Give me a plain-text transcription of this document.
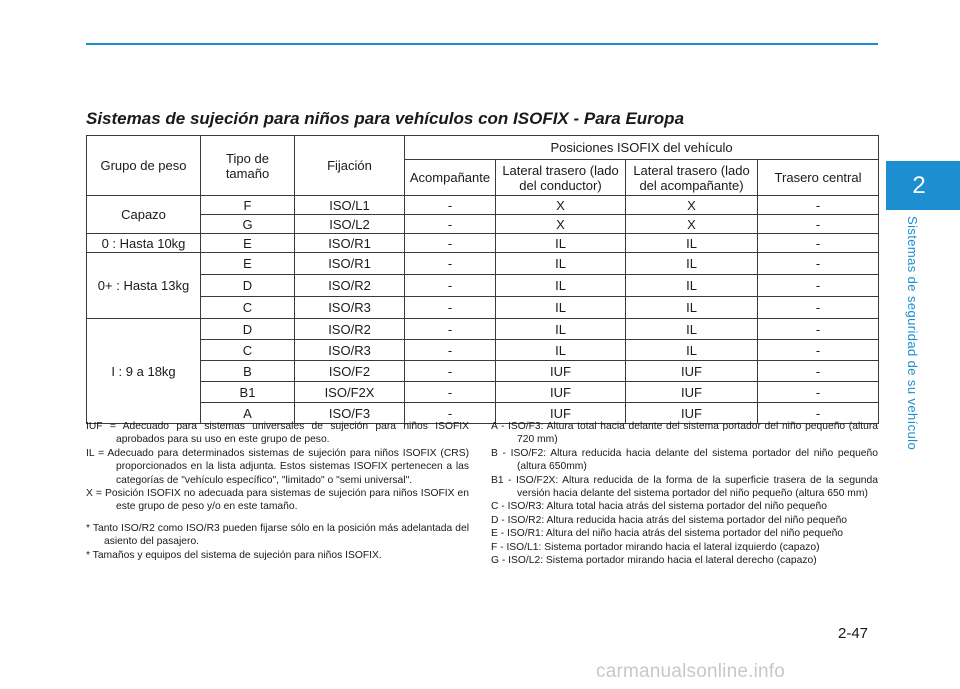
2
Sistemas de seguridad de su vehículo
Sistemas de sujeción para niños para vehículos con ISOFIX - Para Europa
Grupo de peso	Tipo de tamaño	Fijación	Posiciones ISOFIX del vehículo			
			Acompañante	Lateral trasero (lado del conductor)	Lateral trasero (lado del acompañante)	Trasero central
Capazo	F	ISO/L1	-	X	X	-
	G	ISO/L2	-	X	X	-
0 : Hasta 10kg	E	ISO/R1	-	IL	IL	-
0+ : Hasta 13kg	E	ISO/R1	-	IL	IL	-
	D	ISO/R2	-	IL	IL	-
	C	ISO/R3	-	IL	IL	-
I : 9 a 18kg	D	ISO/R2	-	IL	IL	-
	C	ISO/R3	-	IL	IL	-
	B	ISO/F2	-	IUF	IUF	-
	B1	ISO/F2X	-	IUF	IUF	-
	A	ISO/F3	-	IUF	IUF	-
IUF = Adecuado para sistemas universales de sujeción para niños ISOFIX aprobados para su uso en este grupo de peso.
IL = Adecuado para determinados sistemas de sujeción para niños ISOFIX (CRS) proporcionados en la lista adjunta. Estos sistemas ISOFIX pertenecen a las categorías de "vehículo específico", "limitado" o "semi universal".
X = Posición ISOFIX no adecuada para sistemas de sujeción para niños ISOFIX en este grupo de peso y/o en este tamaño.
* Tanto ISO/R2 como ISO/R3 pueden fijarse sólo en la posición más adelantada del asiento del pasajero.
* Tamaños y equipos del sistema de sujeción para niños ISOFIX.
A - ISO/F3: Altura total hacia delante del sistema portador del niño pequeño (altura 720 mm)
B - ISO/F2: Altura reducida hacia delante del sistema portador del niño pequeño (altura 650mm)
B1 - ISO/F2X: Altura reducida de la forma de la superficie trasera de la segunda versión hacia delante del sistema portador del niño pequeño (altura 650 mm)
C - ISO/R3: Altura total hacia atrás del sistema portador del niño pequeño
D - ISO/R2: Altura reducida hacia atrás del sistema portador del niño pequeño
E - ISO/R1: Altura del niño hacia atrás del sistema portador del niño pequeño
F - ISO/L1: Sistema portador mirando hacia el lateral izquierdo (capazo)
G - ISO/L2: Sistema portador mirando hacia el lateral derecho (capazo)
2-47
carmanualsonline.info
